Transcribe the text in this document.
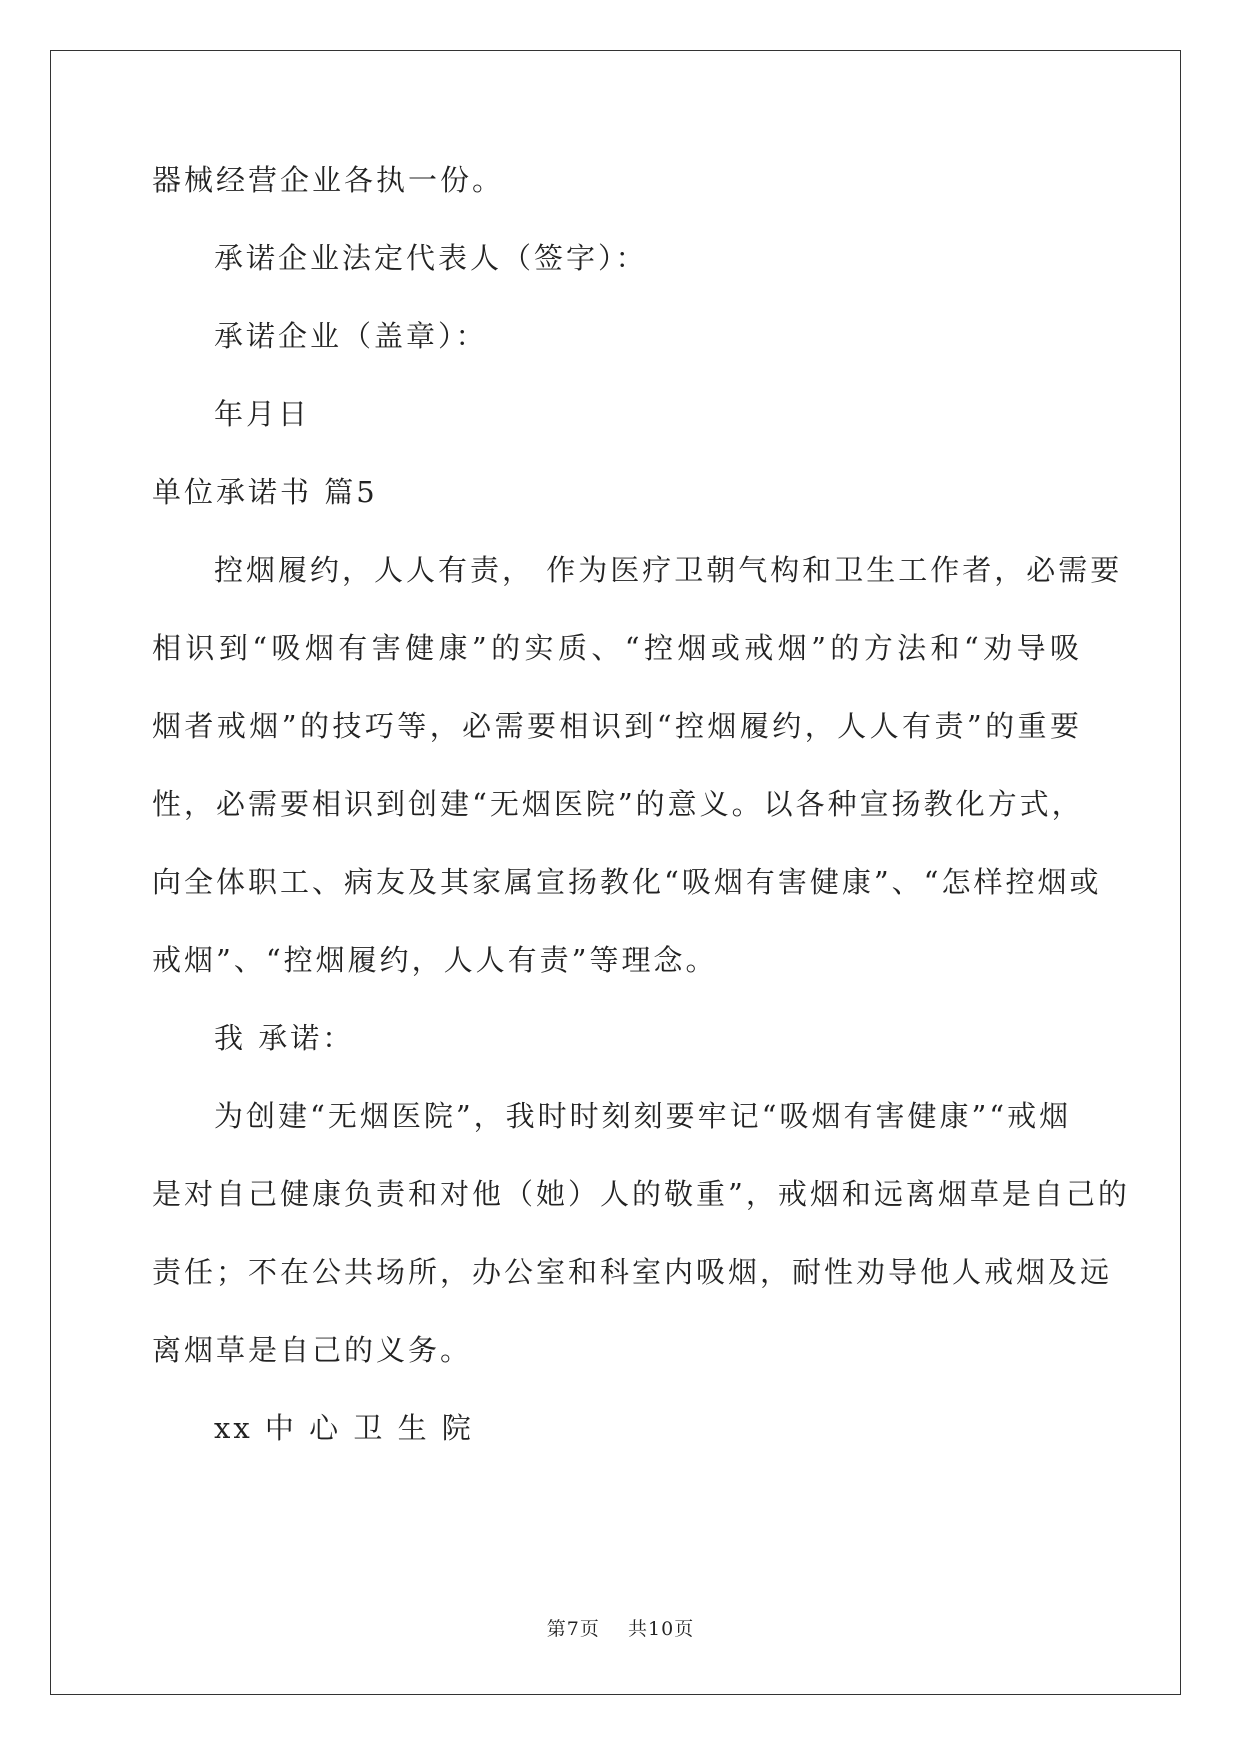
器械经营企业各执一份。
承诺企业法定代表人（签字）：
承诺企业（盖章）：
年月日
单位承诺书 篇5
控烟履约，人人有责， 作为医疗卫朝气构和卫生工作者，必需要
相识到“吸烟有害健康”的实质、“控烟或戒烟”的方法和“劝导吸
烟者戒烟”的技巧等，必需要相识到“控烟履约，人人有责”的重要
性，必需要相识到创建“无烟医院”的意义。以各种宣扬教化方式，
向全体职工、病友及其家属宣扬教化“吸烟有害健康”、“怎样控烟或
戒烟”、“控烟履约，人人有责”等理念。
我 承诺：
为创建“无烟医院”，我时时刻刻要牢记“吸烟有害健康”“戒烟
是对自己健康负责和对他（她）人的敬重”，戒烟和远离烟草是自己的
责任；不在公共场所，办公室和科室内吸烟，耐性劝导他人戒烟及远
离烟草是自己的义务。
xx 中 心 卫 生 院
第7页 共10页
